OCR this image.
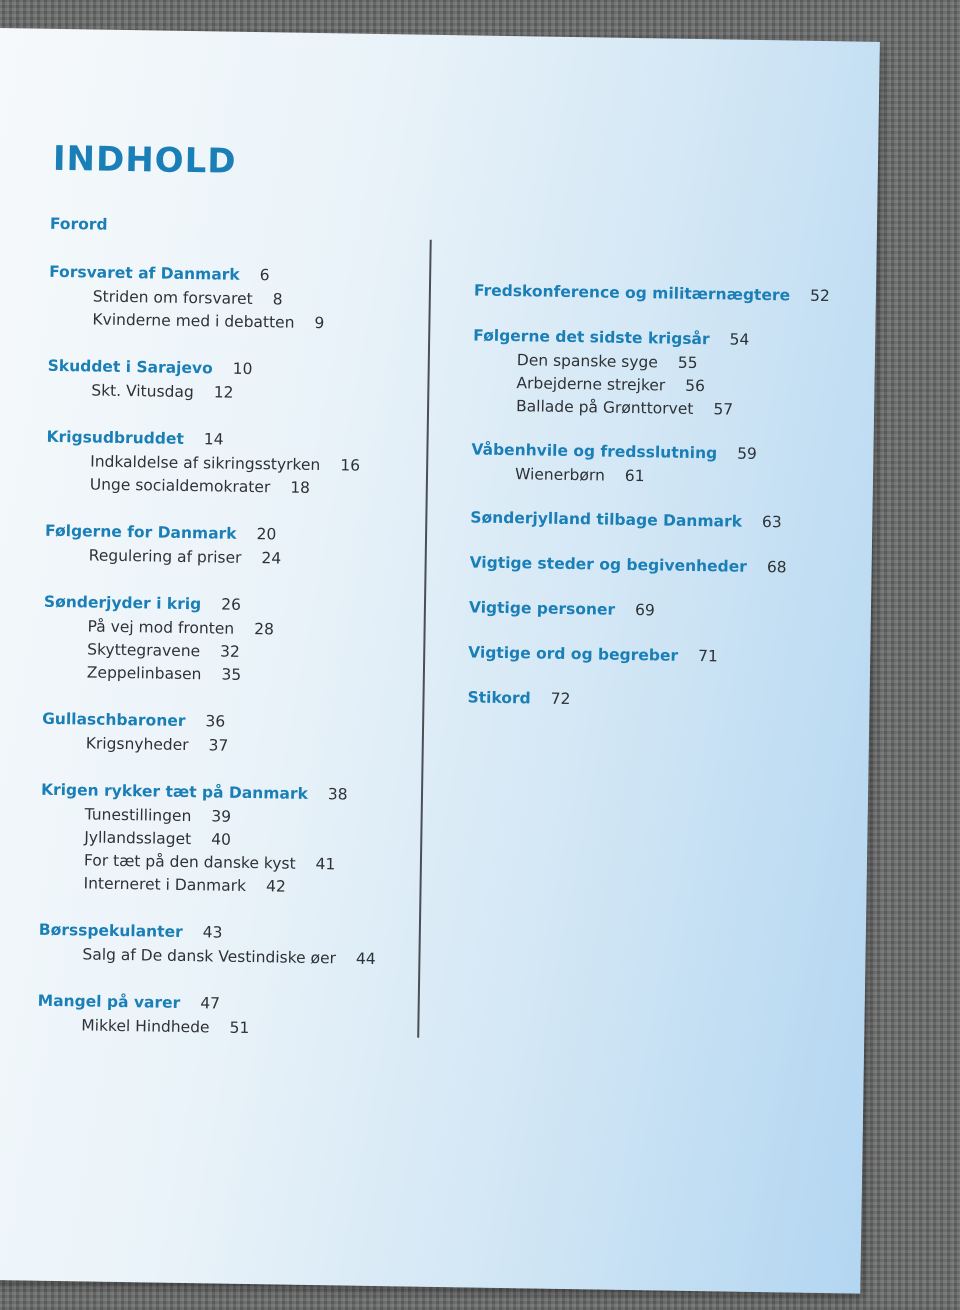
INDHOLD
Forord
Forsvaret af Danmark 6
Striden om forsvaret 8
Kvinderne med i debatten 9
Skuddet i Sarajevo 10
Skt. Vitusdag 12
Krigsudbruddet 14
Indkaldelse af sikringsstyrken 16
Unge socialdemokrater 18
Følgerne for Danmark 20
Regulering af priser 24
Sønderjyder i krig 26
På vej mod fronten 28
Skyttegravene 32
Zeppelinbasen 35
Gullaschbaroner 36
Krigsnyheder 37
Krigen rykker tæt på Danmark 38
Tunestillingen 39
Jyllandsslaget 40
For tæt på den danske kyst 41
Interneret i Danmark 42
Børsspekulanter 43
Salg af De dansk Vestindiske øer 44
Mangel på varer 47
Mikkel Hindhede 51
Fredskonference og militærnægtere 52
Følgerne det sidste krigsår 54
Den spanske syge 55
Arbejderne strejker 56
Ballade på Grønttorvet 57
Våbenhvile og fredsslutning 59
Wienerbørn 61
Sønderjylland tilbage Danmark 63
Vigtige steder og begivenheder 68
Vigtige personer 69
Vigtige ord og begreber 71
Stikord 72
